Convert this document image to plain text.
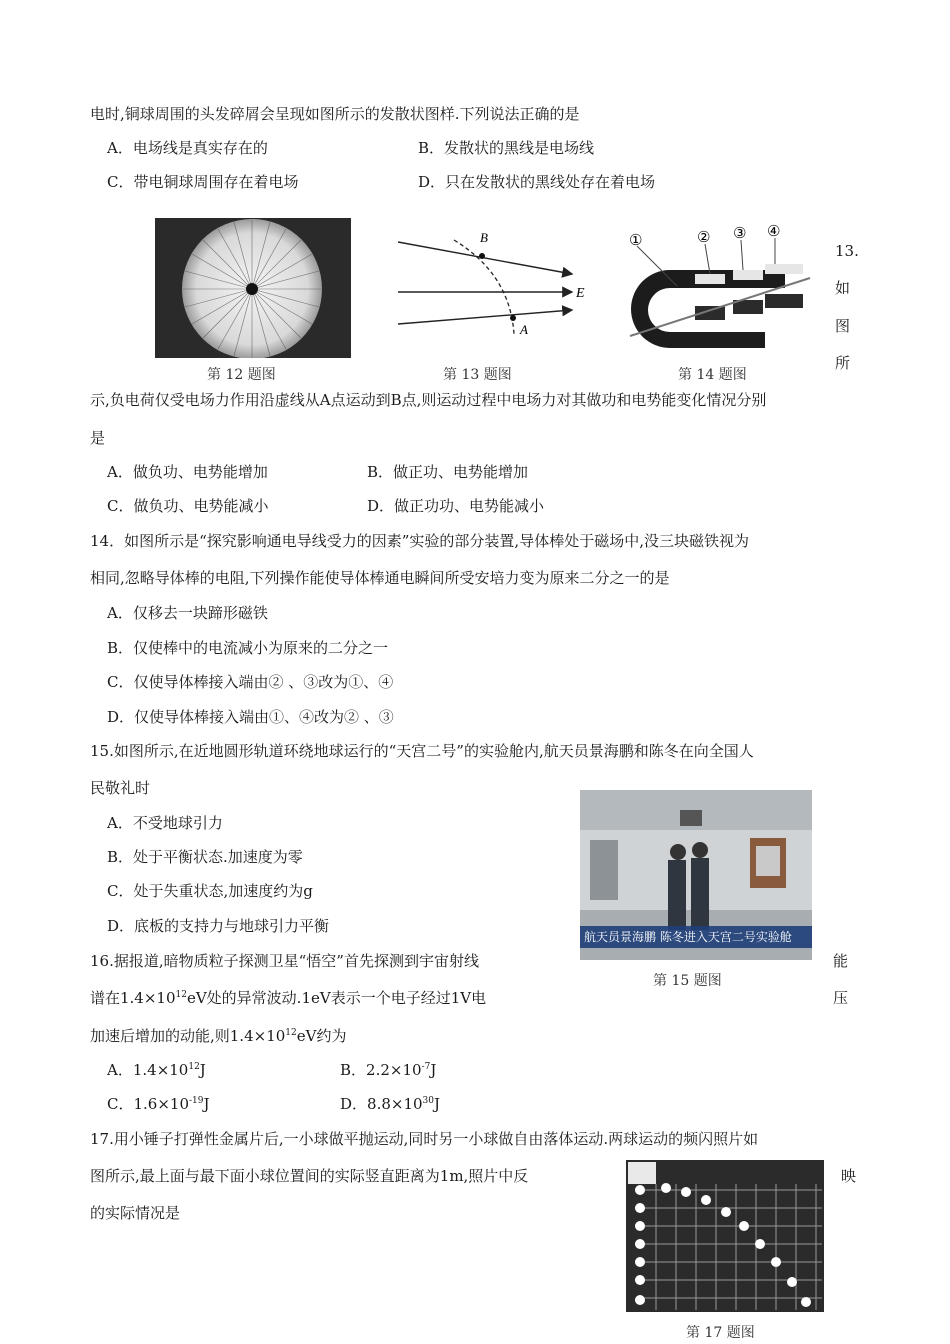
电时,铜球周围的头发碎屑会呈现如图所示的发散状图样.下列说法正确的是
A．电场线是真实存在的	B．发散状的黑线是电场线
C．带电铜球周围存在着电场	D．只在发散状的黑线处存在着电场
第 12 题图
B
A
E
第 13 题图
①	② ③ ④
第 14 题图
13.
如
图
所
示,负电荷仅受电场力作用沿虚线从A点运动到B点,则运动过程中电场力对其做功和电势能变化情况分别
是
A．做负功、电势能增加	B．做正功、电势能增加
C．做负功、电势能减小	D．做正功功、电势能减小
14．如图所示是“探究影响通电导线受力的因素”实验的部分装置,导体棒处于磁场中,没三块磁铁视为
相同,忽略导体棒的电阻,下列操作能使导体棒通电瞬间所受安培力变为原来二分之一的是
A．仅移去一块蹄形磁铁
B．仅使棒中的电流减小为原来的二分之一
C．仅使导体棒接入端由② 、③改为①、④
D．仅使导体棒接入端由①、④改为② 、③
15.如图所示,在近地圆形轨道环绕地球运行的“天宫二号”的实验舱内,航天员景海鹏和陈冬在向全国人
民敬礼时
A．不受地球引力
B．处于平衡状态.加速度为零
C．处于失重状态,加速度约为g
D．底板的支持力与地球引力平衡
航天员景海鹏 陈冬进入天宫二号实验舱
第 15 题图
16.据报道,暗物质粒子探测卫星“悟空”首先探测到宇宙射线	能
谱在$1.4\times 10^{12}eV$处的异常波动.1eV表示一个电子经过1V电	压
加速后增加的动能,则$1.4\times 10^{12}eV$约为
A．$1.4\times 10^{12}J$	B．$2.2\times 10^{-7}J$
C．$1.6\times 10^{-19}J$	D．$8.8\times 10^{30}J$
17.用小锤子打弹性金属片后,一小球做平抛运动,同时另一小球做自由落体运动.两球运动的频闪照片如
图所示,最上面与最下面小球位置间的实际竖直距离为1m,照片中反	映
的实际情况是
第 17 题图
